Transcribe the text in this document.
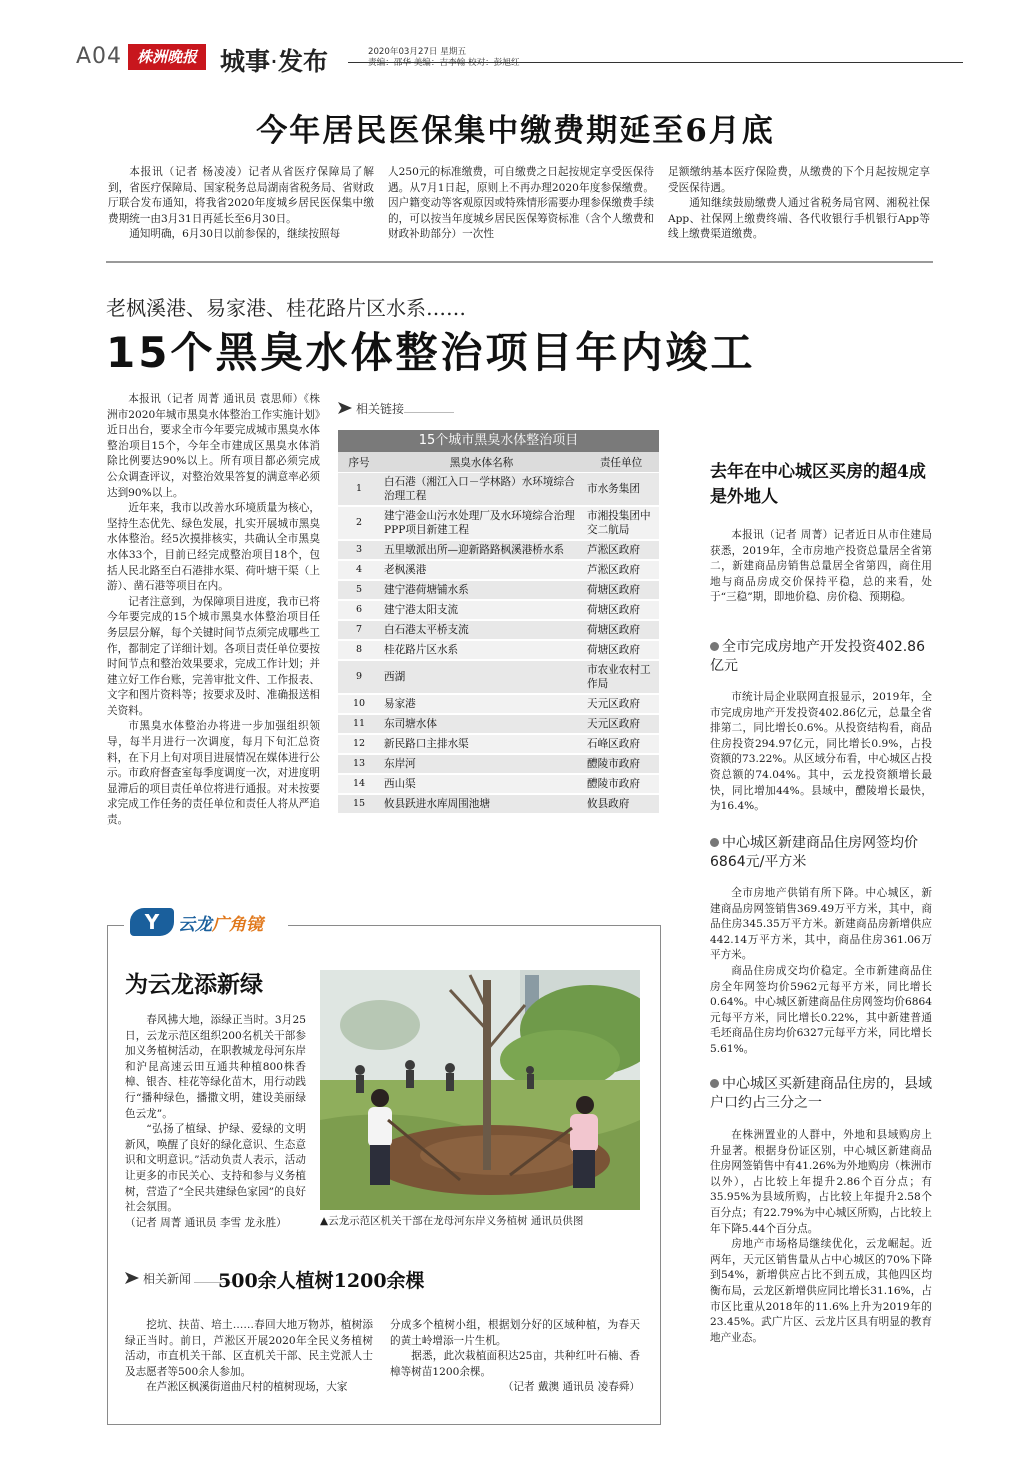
A04 株洲晚报 城事·发布	2020年03月27日 星期五
责编：邵华 美编：吉李翰 校对：彭旭红
今年居民医保集中缴费期延至6月底

本报讯（记者 杨凌凌）记者从省医疗保障局了解到，省医疗保障局、国家税务总局湖南省税务局、省财政厅联合发布通知，将我省2020年度城乡居民医保集中缴费期统一由3月31日再延长至6月30日。

通知明确，6月30日以前参保的，继续按照每

人250元的标准缴费，可自缴费之日起按规定享受医保待遇。从7月1日起，原则上不再办理2020年度参保缴费。因户籍变动等客观原因或特殊情形需要办理参保缴费手续的，可以按当年度城乡居民医保筹资标准（含个人缴费和财政补助部分）一次性

足额缴纳基本医疗保险费，从缴费的下个月起按规定享受医保待遇。

通知继续鼓励缴费人通过省税务局官网、湘税社保App、社保网上缴费终端、各代收银行手机银行App等线上缴费渠道缴费。

老枫溪港、易家港、桂花路片区水系……
15个黑臭水体整治项目年内竣工

本报讯（记者 周菁 通讯员 袁思师）《株洲市2020年城市黑臭水体整治工作实施计划》近日出台，要求全市今年要完成城市黑臭水体整治项目15个，今年全市建成区黑臭水体消除比例要达90%以上。所有项目都必须完成公众调查评议，对整治效果答复的满意率必须达到90%以上。

近年来，我市以改善水环境质量为核心，坚持生态优先、绿色发展，扎实开展城市黑臭水体整治。经5次摸排核实，共确认全市黑臭水体33个，目前已经完成整治项目18个，包括人民北路至白石港排水渠、荷叶塘干渠（上游）、凿石港等项目在内。

记者注意到，为保障项目进度，我市已将今年要完成的15个城市黑臭水体整治项目任务层层分解，每个关键时间节点须完成哪些工作，都制定了详细计划。各项目责任单位要按时间节点和整治效果要求，完成工作计划；并建立好工作台账，完善审批文件、工作报表、文字和图片资料等；按要求及时、准确报送相关资料。

市黑臭水体整治办将进一步加强组织领导，每半月进行一次调度，每月下旬汇总资料，在下月上旬对项目进展情况在媒体进行公示。市政府督查室每季度调度一次，对进度明显滞后的项目责任单位将进行通报。对未按要求完成工作任务的责任单位和责任人将从严追责。

相关链接
15个城市黑臭水体整治项目
序号	黑臭水体名称	责任单位
1	白石港（湘江入口－学林路）水环境综合治理工程	市水务集团
2	建宁港金山污水处理厂及水环境综合治理PPP项目新建工程	市湘投集团中交二航局
3	五里墩派出所—迎新路路枫溪港桥水系	芦淞区政府
4	老枫溪港	芦淞区政府
5	建宁港荷塘铺水系	荷塘区政府
6	建宁港太阳支流	荷塘区政府
7	白石港太平桥支流	荷塘区政府
8	桂花路片区水系	荷塘区政府
9	西湖	市农业农村工作局
10	易家港	天元区政府
11	东司塘水体	天元区政府
12	新民路口主排水渠	石峰区政府
13	东岸河	醴陵市政府
14	西山渠	醴陵市政府
15	攸县跃进水库周围池塘	攸县政府
去年在中心城区买房的超4成是外地人

本报讯（记者 周菁）记者近日从市住建局获悉，2019年，全市房地产投资总量居全省第二，新建商品房销售总量居全省第四，商住用地与商品房成交价保持平稳，总的来看，处于“三稳”期，即地价稳、房价稳、预期稳。

全市完成房地产开发投资402.86亿元

市统计局企业联网直报显示，2019年，全市完成房地产开发投资402.86亿元，总量全省排第二，同比增长0.6%。从投资结构看，商品住房投资294.97亿元，同比增长0.9%，占投资额的73.22%。从区域分布看，中心城区占投资总额的74.04%。其中，云龙投资额增长最快，同比增加44%。县域中，醴陵增长最快，为16.4%。

中心城区新建商品住房网签均价6864元/平方米

全市房地产供销有所下降。中心城区，新建商品房网签销售369.49万平方米，其中，商品住房345.35万平方米。新建商品房新增供应442.14万平方米，其中，商品住房361.06万平方米。

商品住房成交均价稳定。全市新建商品住房全年网签均价5962元每平方米，同比增长0.64%。中心城区新建商品住房网签均价6864元每平方米，同比增长0.22%，其中新建普通毛坯商品住房均价6327元每平方米，同比增长5.61%。

中心城区买新建商品住房的，县域户口约占三分之一

在株洲置业的人群中，外地和县域购房上升显著。根据身份证区别，中心城区新建商品住房网签销售中有41.26%为外地购房（株洲市以外），占比较上年提升2.86个百分点；有35.95%为县域所购，占比较上年提升2.58个百分点；有22.79%为中心城区所购，占比较上年下降5.44个百分点。

房地产市场格局继续优化，云龙崛起。近两年，天元区销售量从占中心城区的70%下降到54%，新增供应占比不到五成，其他四区均衡布局，云龙区新增供应同比增长31.16%，占市区比重从2018年的11.6%上升为2019年的23.45%。武广片区、云龙片区具有明显的教育地产业态。

Y	云龙广角镜
为云龙添新绿

春风拂大地，添绿正当时。3月25日，云龙示范区组织200名机关干部参加义务植树活动，在职教城龙母河东岸和沪昆高速云田互通共种植800株香樟、银杏、桂花等绿化苗木，用行动践行“播种绿色，播撒文明，建设美丽绿色云龙”。

“弘扬了植绿、护绿、爱绿的文明新风，唤醒了良好的绿化意识、生态意识和文明意识。”活动负责人表示，活动让更多的市民关心、支持和参与义务植树，营造了“全民共建绿色家园”的良好社会氛围。

（记者 周菁 通讯员 李雪 龙永胜）	▲云龙示范区机关干部在龙母河东岸义务植树 通讯员供图
相关新闻	500余人植树1200余棵

挖坑、扶苗、培土……春回大地万物苏，植树添绿正当时。前日，芦淞区开展2020年全民义务植树活动，市直机关干部、区直机关干部、民主党派人士及志愿者等500余人参加。

在芦淞区枫溪街道曲尺村的植树现场，大家

分成多个植树小组，根据划分好的区域种植，为春天的黄土岭增添一片生机。

据悉，此次栽植面积达25亩，共种红叶石楠、香樟等树苗1200余棵。

（记者 戴澳 通讯员 凌春舜）
